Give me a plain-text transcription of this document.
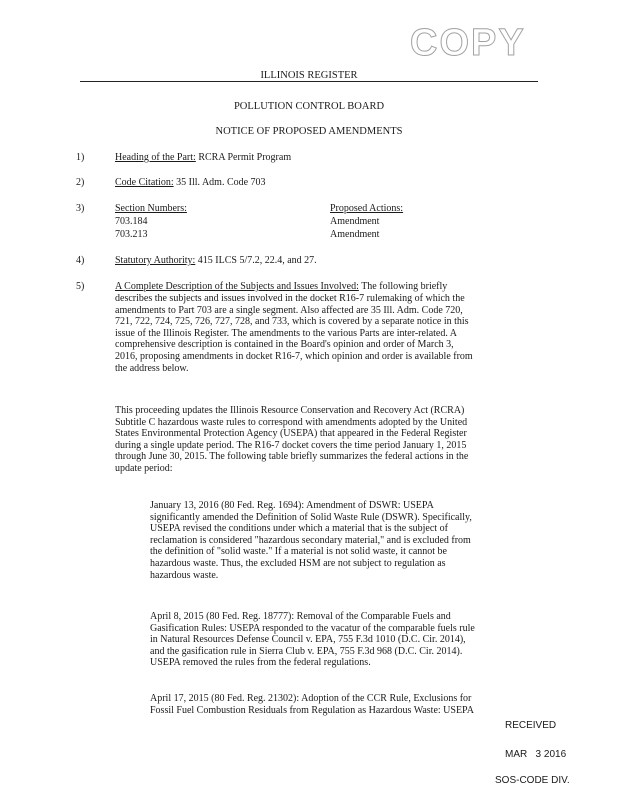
COPY
ILLINOIS REGISTER
POLLUTION CONTROL BOARD
NOTICE OF PROPOSED AMENDMENTS
1)	Heading of the Part: RCRA Permit Program
2)	Code Citation: 35 Ill. Adm. Code 703
3)	Section Numbers:	Proposed Actions:
703.184	Amendment
703.213	Amendment
4)	Statutory Authority: 415 ILCS 5/7.2, 22.4, and 27.
5)	A Complete Description of the Subjects and Issues Involved: The following briefly
describes the subjects and issues involved in the docket R16-7 rulemaking of which the
amendments to Part 703 are a single segment. Also affected are 35 Ill. Adm. Code 720,
721, 722, 724, 725, 726, 727, 728, and 733, which is covered by a separate notice in this
issue of the Illinois Register. The amendments to the various Parts are inter-related. A
comprehensive description is contained in the Board's opinion and order of March 3,
2016, proposing amendments in docket R16-7, which opinion and order is available from
the address below.
This proceeding updates the Illinois Resource Conservation and Recovery Act (RCRA)
Subtitle C hazardous waste rules to correspond with amendments adopted by the United
States Environmental Protection Agency (USEPA) that appeared in the Federal Register
during a single update period. The R16-7 docket covers the time period January 1, 2015
through June 30, 2015. The following table briefly summarizes the federal actions in the
update period:
January 13, 2016 (80 Fed. Reg. 1694): Amendment of DSWR: USEPA
significantly amended the Definition of Solid Waste Rule (DSWR). Specifically,
USEPA revised the conditions under which a material that is the subject of
reclamation is considered "hazardous secondary material," and is excluded from
the definition of "solid waste." If a material is not solid waste, it cannot be
hazardous waste. Thus, the excluded HSM are not subject to regulation as
hazardous waste.
April 8, 2015 (80 Fed. Reg. 18777): Removal of the Comparable Fuels and
Gasification Rules: USEPA responded to the vacatur of the comparable fuels rule
in Natural Resources Defense Council v. EPA, 755 F.3d 1010 (D.C. Cir. 2014),
and the gasification rule in Sierra Club v. EPA, 755 F.3d 968 (D.C. Cir. 2014).
USEPA removed the rules from the federal regulations.
April 17, 2015 (80 Fed. Reg. 21302): Adoption of the CCR Rule, Exclusions for
Fossil Fuel Combustion Residuals from Regulation as Hazardous Waste: USEPA
RECEIVED
MAR   3 2016
SOS-CODE DIV.
